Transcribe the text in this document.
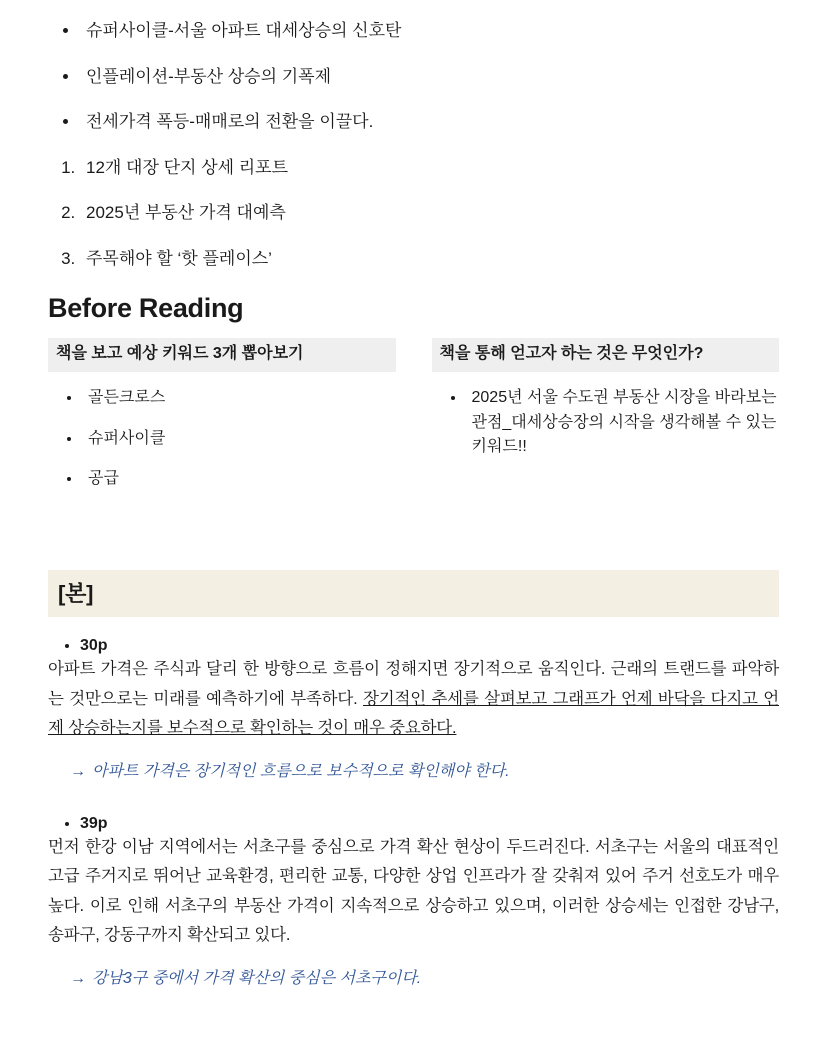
• 슈퍼사이클-서울 아파트 대세상승의 신호탄
• 인플레이션-부동산 상승의 기폭제
• 전세가격 폭등-매매로의 전환을 이끌다.
1. 12개 대장 단지 상세 리포트
2. 2025년 부동산 가격 대예측
3. 주목해야 할 ‘핫 플레이스’
Before Reading
책을 보고 예상 키워드 3개 뽑아보기
• 골든크로스
• 슈퍼사이클
• 공급
책을 통해 얻고자 하는 것은 무엇인가?
• 2025년 서울 수도권 부동산 시장을 바라보는 관점_대세상승장의 시작을 생각해볼 수 있는 키워드!!
[본]
• 30p

아파트 가격은 주식과 달리 한 방향으로 흐름이 정해지면 장기적으로 움직인다. 근래의 트랜드를 파악하는 것만으로는 미래를 예측하기에 부족하다. 장기적인 추세를 살펴보고 그래프가 언제 바닥을 다지고 언제 상승하는지를 보수적으로 확인하는 것이 매우 중요하다.

→ 아파트 가격은 장기적인 흐름으로 보수적으로 확인해야 한다.

• 39p

먼저 한강 이남 지역에서는 서초구를 중심으로 가격 확산 현상이 두드러진다. 서초구는 서울의 대표적인 고급 주거지로 뛰어난 교육환경, 편리한 교통, 다양한 상업 인프라가 잘 갖춰져 있어 주거 선호도가 매우 높다. 이로 인해 서초구의 부동산 가격이 지속적으로 상승하고 있으며, 이러한 상승세는 인접한 강남구, 송파구, 강동구까지 확산되고 있다.

→ 강남3구 중에서 가격 확산의 중심은 서초구이다.
